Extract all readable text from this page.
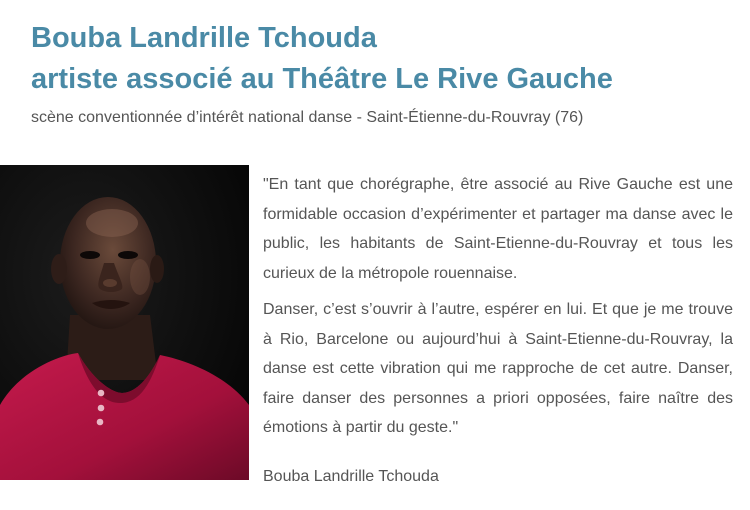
Bouba Landrille Tchouda
artiste associé au Théâtre Le Rive Gauche

scène conventionnée d’intérêt national danse - Saint-Étienne-du-Rouvray (76)

"En tant que chorégraphe, être associé au Rive Gauche est une formidable occasion d’expérimenter et partager ma danse avec le public, les habitants de Saint-Etienne-du-Rouvray et tous les curieux de la métropole rouennaise.

Danser, c’est s’ouvrir à l’autre, espérer en lui. Et que je me trouve à Rio, Barcelone ou aujourd’hui à Saint-Etienne-du-Rouvray, la danse est cette vibration qui me rapproche de cet autre. Danser, faire danser des personnes a priori opposées, faire naître des émotions à partir du geste."

Bouba Landrille Tchouda
